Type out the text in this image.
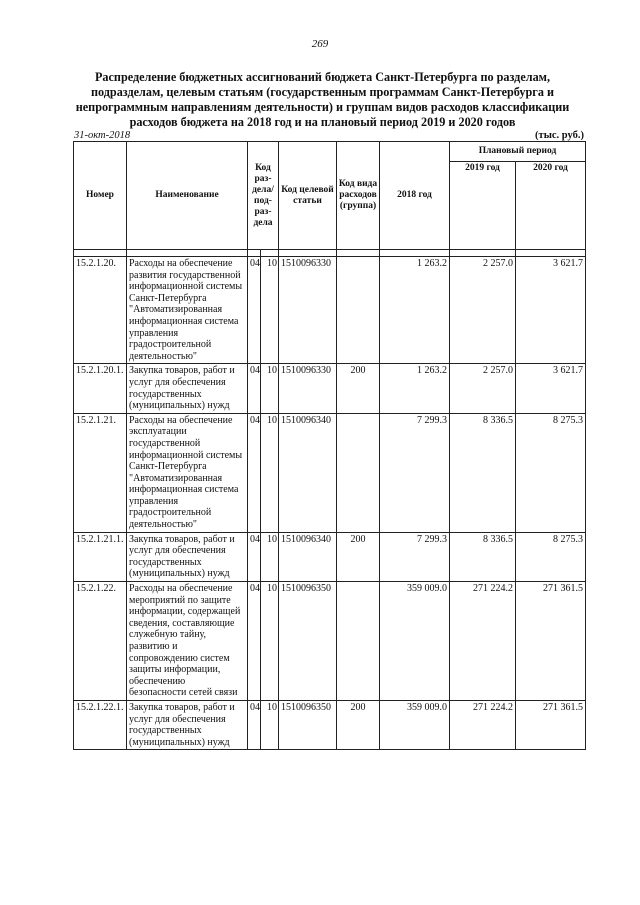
269
Распределение бюджетных ассигнований бюджета Санкт-Петербурга по разделам, подразделам, целевым статьям (государственным программам Санкт-Петербурга и непрограммным направлениям деятельности) и группам видов расходов классификации расходов бюджета на 2018 год и на плановый период 2019 и 2020 годов
31-окт-2018	(тыс. руб.)
Номер	Наименование	Код раз-дела/ под-раз-дела		Код целевой статьи	Код вида расходов (группа)	2018 год	Плановый период	
							2019 год	2020 год

15.2.1.20.	Расходы на обеспечение развития государственной информационной системы Санкт-Петербурга "Автоматизированная информационная система управления градостроительной деятельностью"	04	10	1510096330		1 263.2	2 257.0	3 621.7
15.2.1.20.1.	Закупка товаров, работ и услуг для обеспечения государственных (муниципальных) нужд	04	10	1510096330	200	1 263.2	2 257.0	3 621.7
15.2.1.21.	Расходы на обеспечение эксплуатации государственной информационной системы Санкт-Петербурга "Автоматизированная информационная система управления градостроительной деятельностью"	04	10	1510096340		7 299.3	8 336.5	8 275.3
15.2.1.21.1.	Закупка товаров, работ и услуг для обеспечения государственных (муниципальных) нужд	04	10	1510096340	200	7 299.3	8 336.5	8 275.3
15.2.1.22.	Расходы на обеспечение мероприятий по защите информации, содержащей сведения, составляющие служебную тайну, развитию и сопровождению систем защиты информации, обеспечению безопасности сетей связи	04	10	1510096350		359 009.0	271 224.2	271 361.5
15.2.1.22.1.	Закупка товаров, работ и услуг для обеспечения государственных (муниципальных) нужд	04	10	1510096350	200	359 009.0	271 224.2	271 361.5
